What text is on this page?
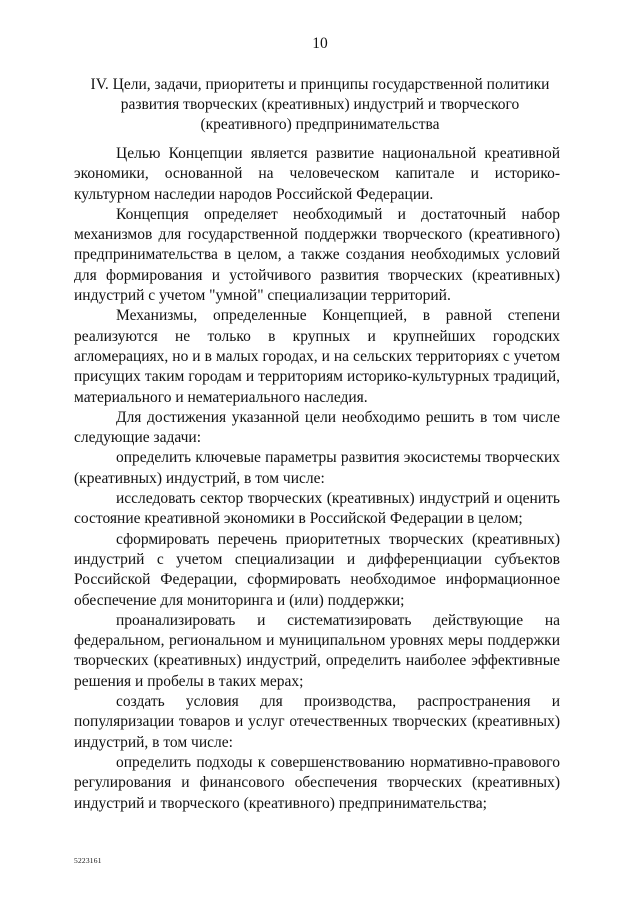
10
IV. Цели, задачи, приоритеты и принципы государственной политики
развития творческих (креативных) индустрий и творческого
(креативного) предпринимательства

Целью Концепции является развитие национальной креативной экономики, основанной на человеческом капитале и историко-культурном наследии народов Российской Федерации.

Концепция определяет необходимый и достаточный набор механизмов для государственной поддержки творческого (креативного) предпринимательства в целом, а также создания необходимых условий для формирования и устойчивого развития творческих (креативных) индустрий с учетом "умной" специализации территорий.

Механизмы, определенные Концепцией, в равной степени реализуются не только в крупных и крупнейших городских агломерациях, но и в малых городах, и на сельских территориях с учетом присущих таким городам и территориям историко-культурных традиций, материального и нематериального наследия.

Для достижения указанной цели необходимо решить в том числе следующие задачи:

определить ключевые параметры развития экосистемы творческих (креативных) индустрий, в том числе:

исследовать сектор творческих (креативных) индустрий и оценить состояние креативной экономики в Российской Федерации в целом;

сформировать перечень приоритетных творческих (креативных) индустрий с учетом специализации и дифференциации субъектов Российской Федерации, сформировать необходимое информационное обеспечение для мониторинга и (или) поддержки;

проанализировать и систематизировать действующие на федеральном, региональном и муниципальном уровнях меры поддержки творческих (креативных) индустрий, определить наиболее эффективные решения и пробелы в таких мерах;

создать условия для производства, распространения и популяризации товаров и услуг отечественных творческих (креативных) индустрий, в том числе:

определить подходы к совершенствованию нормативно-правового регулирования и финансового обеспечения творческих (креативных) индустрий и творческого (креативного) предпринимательства;

5223161
